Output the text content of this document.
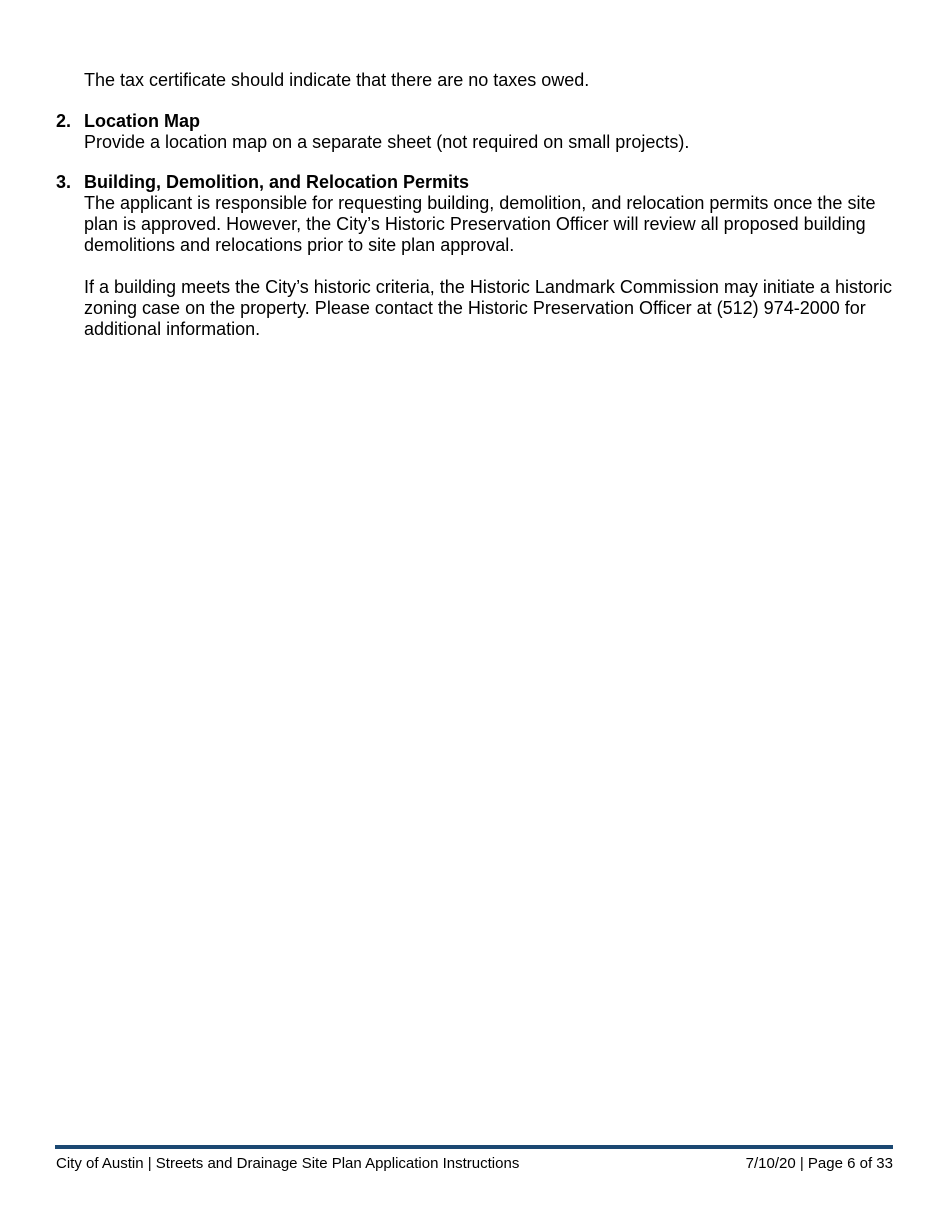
The tax certificate should indicate that there are no taxes owed.

2. Location Map

Provide a location map on a separate sheet (not required on small projects).

3. Building, Demolition, and Relocation Permits

The applicant is responsible for requesting building, demolition, and relocation permits once the site plan is approved. However, the City’s Historic Preservation Officer will review all proposed building demolitions and relocations prior to site plan approval.

If a building meets the City’s historic criteria, the Historic Landmark Commission may initiate a historic zoning case on the property. Please contact the Historic Preservation Officer at (512) 974-2000 for additional information.

City of Austin | Streets and Drainage Site Plan Application Instructions	7/10/20 | Page 6 of 33
